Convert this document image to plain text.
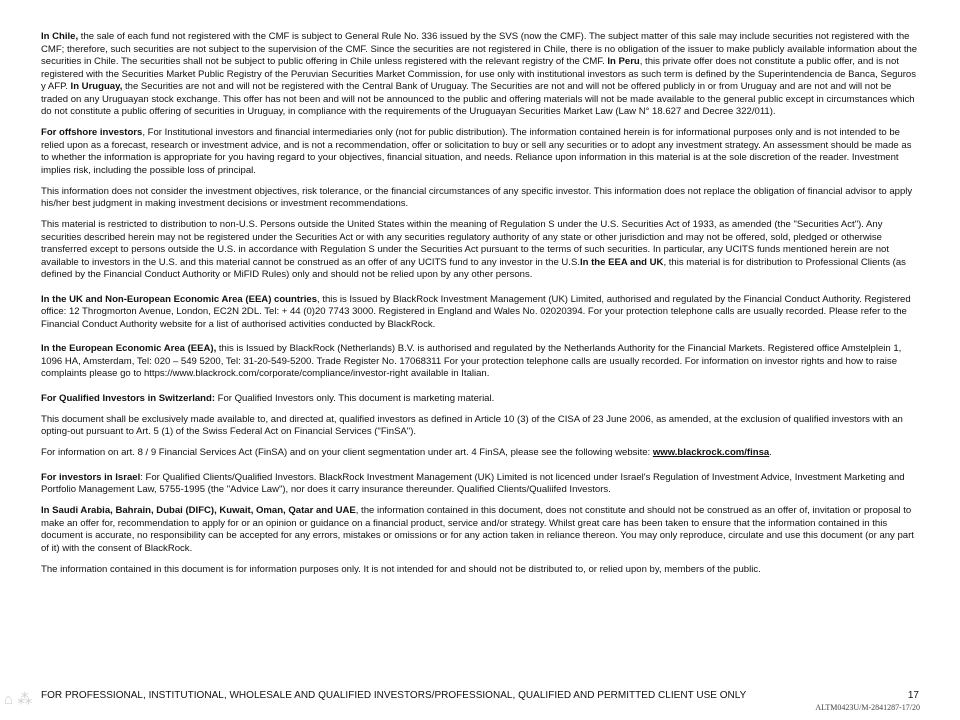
In Chile, the sale of each fund not registered with the CMF is subject to General Rule No. 336 issued by the SVS (now the CMF). The subject matter of this sale may include securities not registered with the CMF; therefore, such securities are not subject to the supervision of the CMF. Since the securities are not registered in Chile, there is no obligation of the issuer to make publicly available information about the securities in Chile. The securities shall not be subject to public offering in Chile unless registered with the relevant registry of the CMF. In Peru, this private offer does not constitute a public offer, and is not registered with the Securities Market Public Registry of the Peruvian Securities Market Commission, for use only with institutional investors as such term is defined by the Superintendencia de Banca, Seguros y AFP. In Uruguay, the Securities are not and will not be registered with the Central Bank of Uruguay. The Securities are not and will not be offered publicly in or from Uruguay and are not and will not be traded on any Uruguayan stock exchange. This offer has not been and will not be announced to the public and offering materials will not be made available to the general public except in circumstances which do not constitute a public offering of securities in Uruguay, in compliance with the requirements of the Uruguayan Securities Market Law (Law N° 18.627 and Decree 322/011).

For offshore investors, For Institutional investors and financial intermediaries only (not for public distribution). The information contained herein is for informational purposes only and is not intended to be relied upon as a forecast, research or investment advice, and is not a recommendation, offer or solicitation to buy or sell any securities or to adopt any investment strategy. An assessment should be made as to whether the information is appropriate for you having regard to your objectives, financial situation, and needs. Reliance upon information in this material is at the sole discretion of the reader. Investment implies risk, including the possible loss of principal.

This information does not consider the investment objectives, risk tolerance, or the financial circumstances of any specific investor. This information does not replace the obligation of financial advisor to apply his/her best judgment in making investment decisions or investment recommendations.

This material is restricted to distribution to non-U.S. Persons outside the United States within the meaning of Regulation S under the U.S. Securities Act of 1933, as amended (the "Securities Act"). Any securities described herein may not be registered under the Securities Act or with any securities regulatory authority of any state or other jurisdiction and may not be offered, sold, pledged or otherwise transferred except to persons outside the U.S. in accordance with Regulation S under the Securities Act pursuant to the terms of such securities. In particular, any UCITS funds mentioned herein are not available to investors in the U.S. and this material cannot be construed as an offer of any UCITS fund to any investor in the U.S.In the EEA and UK, this material is for distribution to Professional Clients (as defined by the Financial Conduct Authority or MiFID Rules) only and should not be relied upon by any other persons.

In the UK and Non-European Economic Area (EEA) countries, this is Issued by BlackRock Investment Management (UK) Limited, authorised and regulated by the Financial Conduct Authority. Registered office: 12 Throgmorton Avenue, London, EC2N 2DL. Tel: + 44 (0)20 7743 3000. Registered in England and Wales No. 02020394. For your protection telephone calls are usually recorded. Please refer to the Financial Conduct Authority website for a list of authorised activities conducted by BlackRock.

In the European Economic Area (EEA), this is Issued by BlackRock (Netherlands) B.V. is authorised and regulated by the Netherlands Authority for the Financial Markets. Registered office Amstelplein 1, 1096 HA, Amsterdam, Tel: 020 – 549 5200, Tel: 31-20-549-5200. Trade Register No. 17068311 For your protection telephone calls are usually recorded. For information on investor rights and how to raise complaints please go to https://www.blackrock.com/corporate/compliance/investor-right available in Italian.

For Qualified Investors in Switzerland: For Qualified Investors only. This document is marketing material.

This document shall be exclusively made available to, and directed at, qualified investors as defined in Article 10 (3) of the CISA of 23 June 2006, as amended, at the exclusion of qualified investors with an opting-out pursuant to Art. 5 (1) of the Swiss Federal Act on Financial Services ("FinSA").

For information on art. 8 / 9 Financial Services Act (FinSA) and on your client segmentation under art. 4 FinSA, please see the following website: www.blackrock.com/finsa.

For investors in Israel: For Qualified Clients/Qualified Investors. BlackRock Investment Management (UK) Limited is not licenced under Israel's Regulation of Investment Advice, Investment Marketing and Portfolio Management Law, 5755-1995 (the "Advice Law"), nor does it carry insurance thereunder. Qualified Clients/Qualiifed Investors.

In Saudi Arabia, Bahrain, Dubai (DIFC), Kuwait, Oman, Qatar and UAE, the information contained in this document, does not constitute and should not be construed as an offer of, invitation or proposal to make an offer for, recommendation to apply for or an opinion or guidance on a financial product, service and/or strategy. Whilst great care has been taken to ensure that the information contained in this document is accurate, no responsibility can be accepted for any errors, mistakes or omissions or for any action taken in reliance thereon. You may only reproduce, circulate and use this document (or any part of it) with the consent of BlackRock.

The information contained in this document is for information purposes only. It is not intended for and should not be distributed to, or relied upon by, members of the public.

⌂ ⁂ FOR PROFESSIONAL, INSTITUTIONAL, WHOLESALE AND QUALIFIED INVESTORS/PROFESSIONAL, QUALIFIED AND PERMITTED CLIENT USE ONLY	17
ALTM0423U/M-2841287-17/20
